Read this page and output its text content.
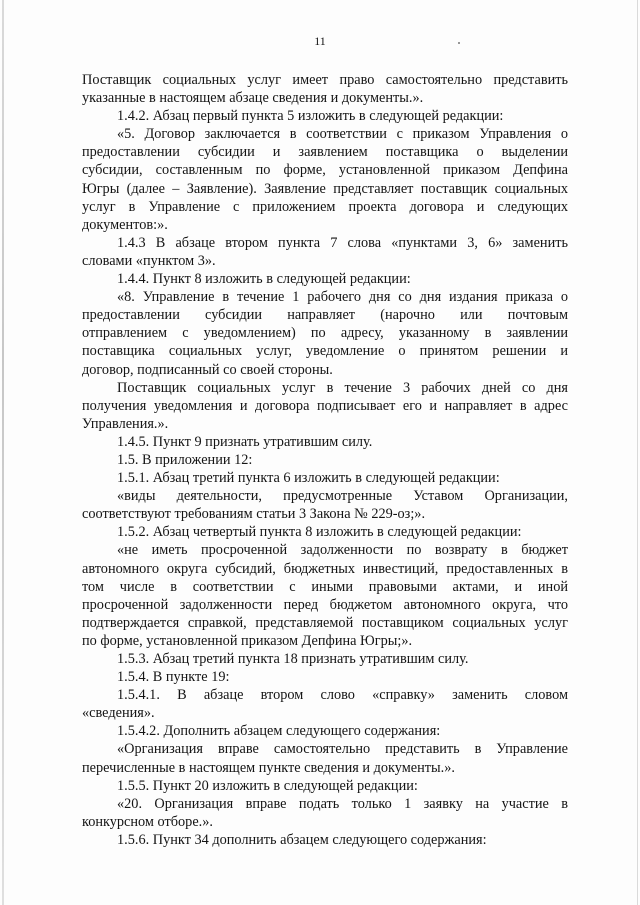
11
Поставщик социальных услуг имеет право самостоятельно представить
указанные в настоящем абзаце сведения и документы.».
1.4.2. Абзац первый пункта 5 изложить в следующей редакции:
«5. Договор заключается в соответствии с приказом Управления о
предоставлении субсидии и заявлением поставщика о выделении
субсидии, составленным по форме, установленной приказом Депфина
Югры (далее – Заявление). Заявление представляет поставщик социальных
услуг в Управление с приложением проекта договора и следующих
документов:».
1.4.3 В абзаце втором пункта 7 слова «пунктами 3, 6» заменить
словами «пунктом 3».
1.4.4. Пункт 8 изложить в следующей редакции:
«8. Управление в течение 1 рабочего дня со дня издания приказа о
предоставлении субсидии направляет (нарочно или почтовым
отправлением с уведомлением) по адресу, указанному в заявлении
поставщика социальных услуг, уведомление о принятом решении и
договор, подписанный со своей стороны.
Поставщик социальных услуг в течение 3 рабочих дней со дня
получения уведомления и договора подписывает его и направляет в адрес
Управления.».
1.4.5. Пункт 9 признать утратившим силу.
1.5. В приложении 12:
1.5.1. Абзац третий пункта 6 изложить в следующей редакции:
«виды деятельности, предусмотренные Уставом Организации,
соответствуют требованиям статьи 3 Закона № 229-оз;».
1.5.2. Абзац четвертый пункта 8 изложить в следующей редакции:
«не иметь просроченной задолженности по возврату в бюджет
автономного округа субсидий, бюджетных инвестиций, предоставленных в
том числе в соответствии с иными правовыми актами, и иной
просроченной задолженности перед бюджетом автономного округа, что
подтверждается справкой, представляемой поставщиком социальных услуг
по форме, установленной приказом Депфина Югры;».
1.5.3. Абзац третий пункта 18 признать утратившим силу.
1.5.4. В пункте 19:
1.5.4.1. В абзаце втором слово «справку» заменить словом
«сведения».
1.5.4.2. Дополнить абзацем следующего содержания:
«Организация вправе самостоятельно представить в Управление
перечисленные в настоящем пункте сведения и документы.».
1.5.5. Пункт 20 изложить в следующей редакции:
«20. Организация вправе подать только 1 заявку на участие в
конкурсном отборе.».
1.5.6. Пункт 34 дополнить абзацем следующего содержания:
